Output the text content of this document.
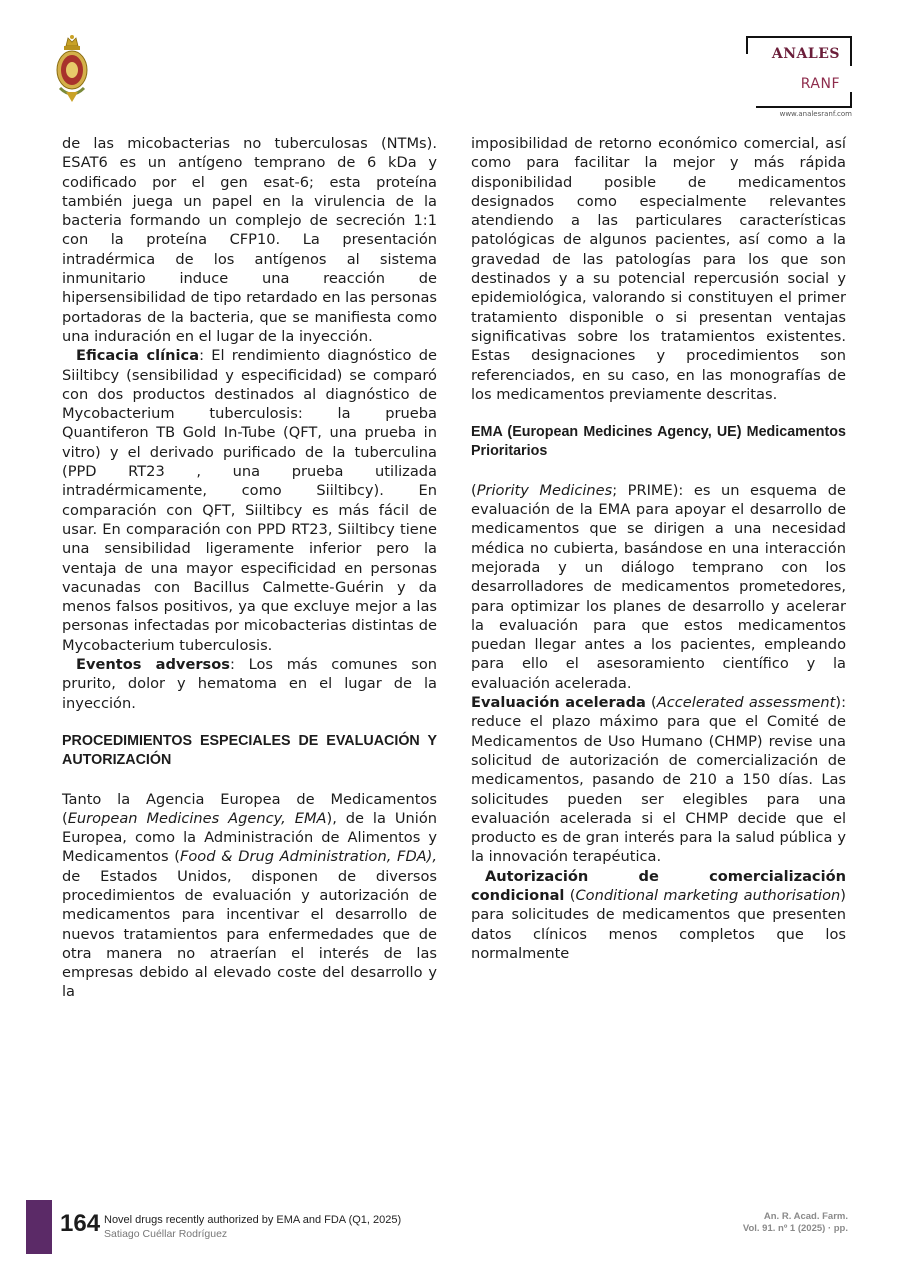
ANALES
RANF
www.analesranf.com

de las micobacterias no tuberculosas (NTMs). ESAT6 es un antígeno temprano de 6 kDa y codificado por el gen esat-6; esta proteína también juega un papel en la virulencia de la bacteria formando un complejo de secreción 1:1 con la proteína CFP10. La presentación intradérmica de los antígenos al sistema inmunitario induce una reacción de hipersensibilidad de tipo retardado en las personas portadoras de la bacteria, que se manifiesta como una induración en el lugar de la inyección.

Eficacia clínica: El rendimiento diagnóstico de Siiltibcy (sensibilidad y especificidad) se comparó con dos productos destinados al diagnóstico de Mycobacterium tuberculosis: la prueba Quantiferon TB Gold In-Tube (QFT, una prueba in vitro) y el derivado purificado de la tuberculina (PPD RT23 , una prueba utilizada intradérmicamente, como Siiltibcy). En comparación con QFT, Siiltibcy es más fácil de usar. En comparación con PPD RT23, Siiltibcy tiene una sensibilidad ligeramente inferior pero la ventaja de una mayor especificidad en personas vacunadas con Bacillus Calmette-Guérin y da menos falsos positivos, ya que excluye mejor a las personas infectadas por micobacterias distintas de Mycobacterium tuberculosis.

Eventos adversos: Los más comunes son prurito, dolor y hematoma en el lugar de la inyección.

PROCEDIMIENTOS ESPECIALES DE EVALUACIÓN Y AUTORIZACIÓN

Tanto la Agencia Europea de Medicamentos (European Medicines Agency, EMA), de la Unión Europea, como la Administración de Alimentos y Medicamentos (Food & Drug Administration, FDA), de Estados Unidos, disponen de diversos procedimientos de evaluación y autorización de medicamentos para incentivar el desarrollo de nuevos tratamientos para enfermedades que de otra manera no atraerían el interés de las empresas debido al elevado coste del desarrollo y la

imposibilidad de retorno económico comercial, así como para facilitar la mejor y más rápida disponibilidad posible de medicamentos designados como especialmente relevantes atendiendo a las particulares características patológicas de algunos pacientes, así como a la gravedad de las patologías para los que son destinados y a su potencial repercusión social y epidemiológica, valorando si constituyen el primer tratamiento disponible o si presentan ventajas significativas sobre los tratamientos existentes. Estas designaciones y procedimientos son referenciados, en su caso, en las monografías de los medicamentos previamente descritas.

EMA (European Medicines Agency, UE) Medicamentos Prioritarios

(Priority Medicines; PRIME): es un esquema de evaluación de la EMA para apoyar el desarrollo de medicamentos que se dirigen a una necesidad médica no cubierta, basándose en una interacción mejorada y un diálogo temprano con los desarrolladores de medicamentos prometedores, para optimizar los planes de desarrollo y acelerar la evaluación para que estos medicamentos puedan llegar antes a los pacientes, empleando para ello el asesoramiento científico y la evaluación acelerada.

Evaluación acelerada (Accelerated assessment): reduce el plazo máximo para que el Comité de Medicamentos de Uso Humano (CHMP) revise una solicitud de autorización de comercialización de medicamentos, pasando de 210 a 150 días. Las solicitudes pueden ser elegibles para una evaluación acelerada si el CHMP decide que el producto es de gran interés para la salud pública y la innovación terapéutica.

Autorización de comercialización condicional (Conditional marketing authorisation) para solicitudes de medicamentos que presenten datos clínicos menos completos que los normalmente

164 Novel drugs recently authorized by EMA and FDA (Q1, 2025)
Satiago Cuéllar Rodríguez
An. R. Acad. Farm.
Vol. 91. nº 1 (2025) · pp.
